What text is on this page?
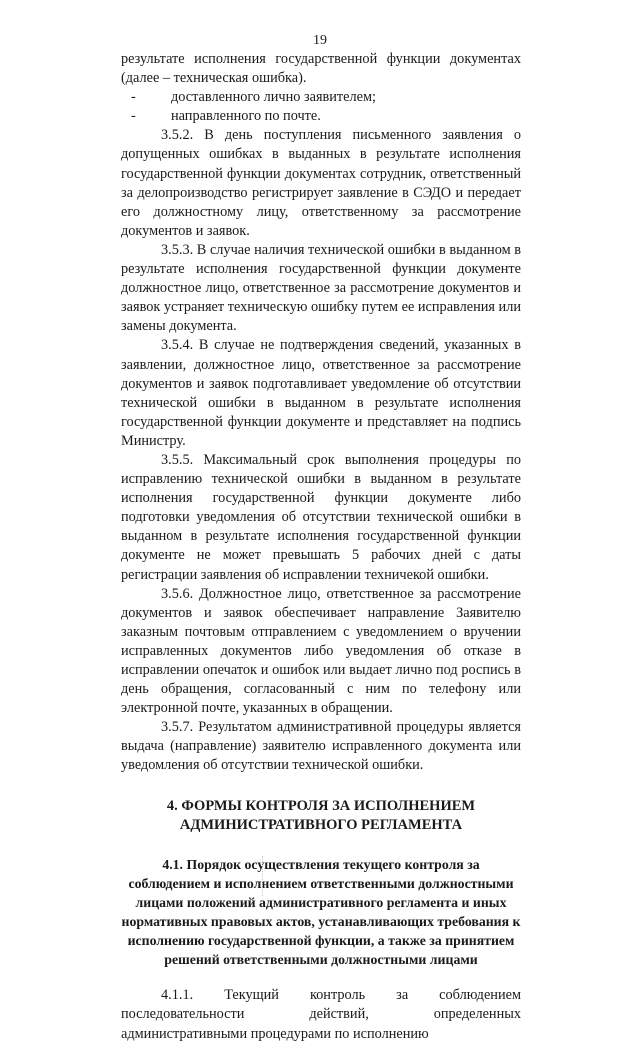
19

результате исполнения государственной функции документах (далее – техническая ошибка).

- доставленного лично заявителем;

- направленного по почте.

3.5.2. В день поступления письменного заявления о допущенных ошибках в выданных в результате исполнения государственной функции документах сотрудник, ответственный за делопроизводство регистрирует заявление в СЭДО и передает его должностному лицу, ответственному за рассмотрение документов и заявок.

3.5.3. В случае наличия технической ошибки в выданном в результате исполнения государственной функции документе должностное лицо, ответственное за рассмотрение документов и заявок устраняет техническую ошибку путем ее исправления или замены документа.

3.5.4. В случае не подтверждения сведений, указанных в заявлении, должностное лицо, ответственное за рассмотрение документов и заявок подготавливает уведомление об отсутствии технической ошибки в выданном в результате исполнения государственной функции документе и представляет на подпись Министру.

3.5.5. Максимальный срок выполнения процедуры по исправлению технической ошибки в выданном в результате исполнения государственной функции документе либо подготовки уведомления об отсутствии технической ошибки в выданном в результате исполнения государственной функции документе не может превышать 5 рабочих дней с даты регистрации заявления об исправлении техничекой ошибки.

3.5.6. Должностное лицо, ответственное за рассмотрение документов и заявок обеспечивает направление Заявителю заказным почтовым отправлением с уведомлением о вручении исправленных документов либо уведомления об отказе в исправлении опечаток и ошибок или выдает лично под роспись в день обращения, согласованный с ним по телефону или электронной почте, указанных в обращении.

3.5.7. Результатом административной процедуры является выдача (направление) заявителю исправленного документа или уведомления об отсутствии технической ошибки.

4. ФОРМЫ КОНТРОЛЯ ЗА ИСПОЛНЕНИЕМ АДМИНИСТРАТИВНОГО РЕГЛАМЕНТА

4.1. Порядок осуществления текущего контроля за соблюдением и исполнением ответственными должностными лицами положений административного регламента и иных нормативных правовых актов, устанавливающих требования к исполнению государственной функции, а также за принятием решений ответственными должностными лицами

4.1.1. Текущий контроль за соблюдением последовательности действий, определенных административными процедурами по исполнению
